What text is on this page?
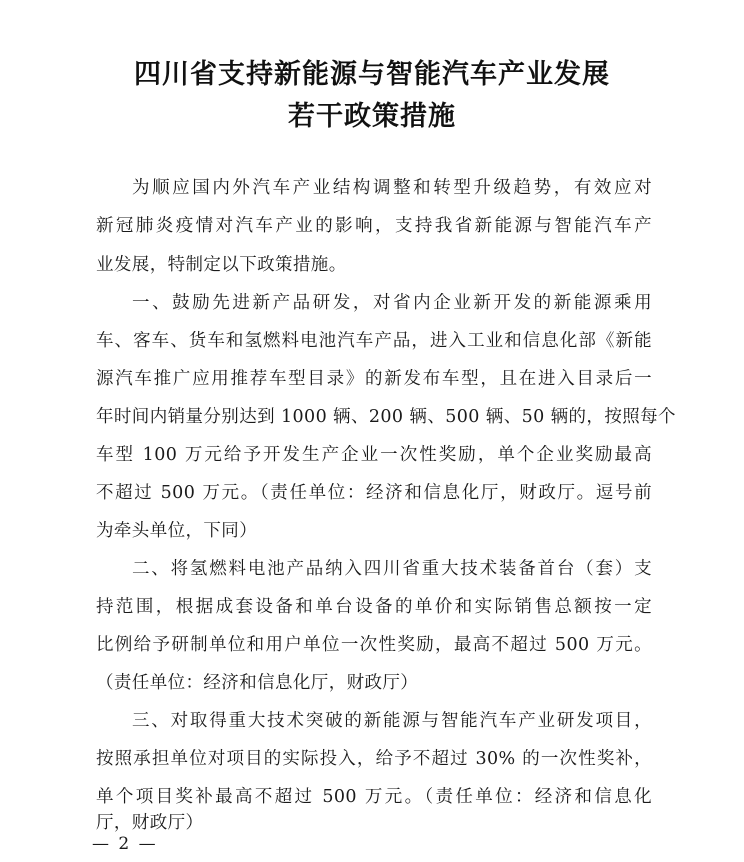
四川省支持新能源与智能汽车产业发展
若干政策措施
为顺应国内外汽车产业结构调整和转型升级趋势，有效应对
新冠肺炎疫情对汽车产业的影响，支持我省新能源与智能汽车产
业发展，特制定以下政策措施。
一、鼓励先进新产品研发，对省内企业新开发的新能源乘用
车、客车、货车和氢燃料电池汽车产品，进入工业和信息化部《新能
源汽车推广应用推荐车型目录》的新发布车型，且在进入目录后一
年时间内销量分别达到 1000 辆、200 辆、500 辆、50 辆的，按照每个
车型 100 万元给予开发生产企业一次性奖励，单个企业奖励最高
不超过 500 万元。（责任单位：经济和信息化厅，财政厅。逗号前
为牵头单位，下同）
二、将氢燃料电池产品纳入四川省重大技术装备首台（套）支
持范围，根据成套设备和单台设备的单价和实际销售总额按一定
比例给予研制单位和用户单位一次性奖励，最高不超过 500 万元。
（责任单位：经济和信息化厅，财政厅）
三、对取得重大技术突破的新能源与智能汽车产业研发项目，
按照承担单位对项目的实际投入，给予不超过 30% 的一次性奖补，
单个项目奖补最高不超过 500 万元。（责任单位：经济和信息化
厅，财政厅）
— 2 —
